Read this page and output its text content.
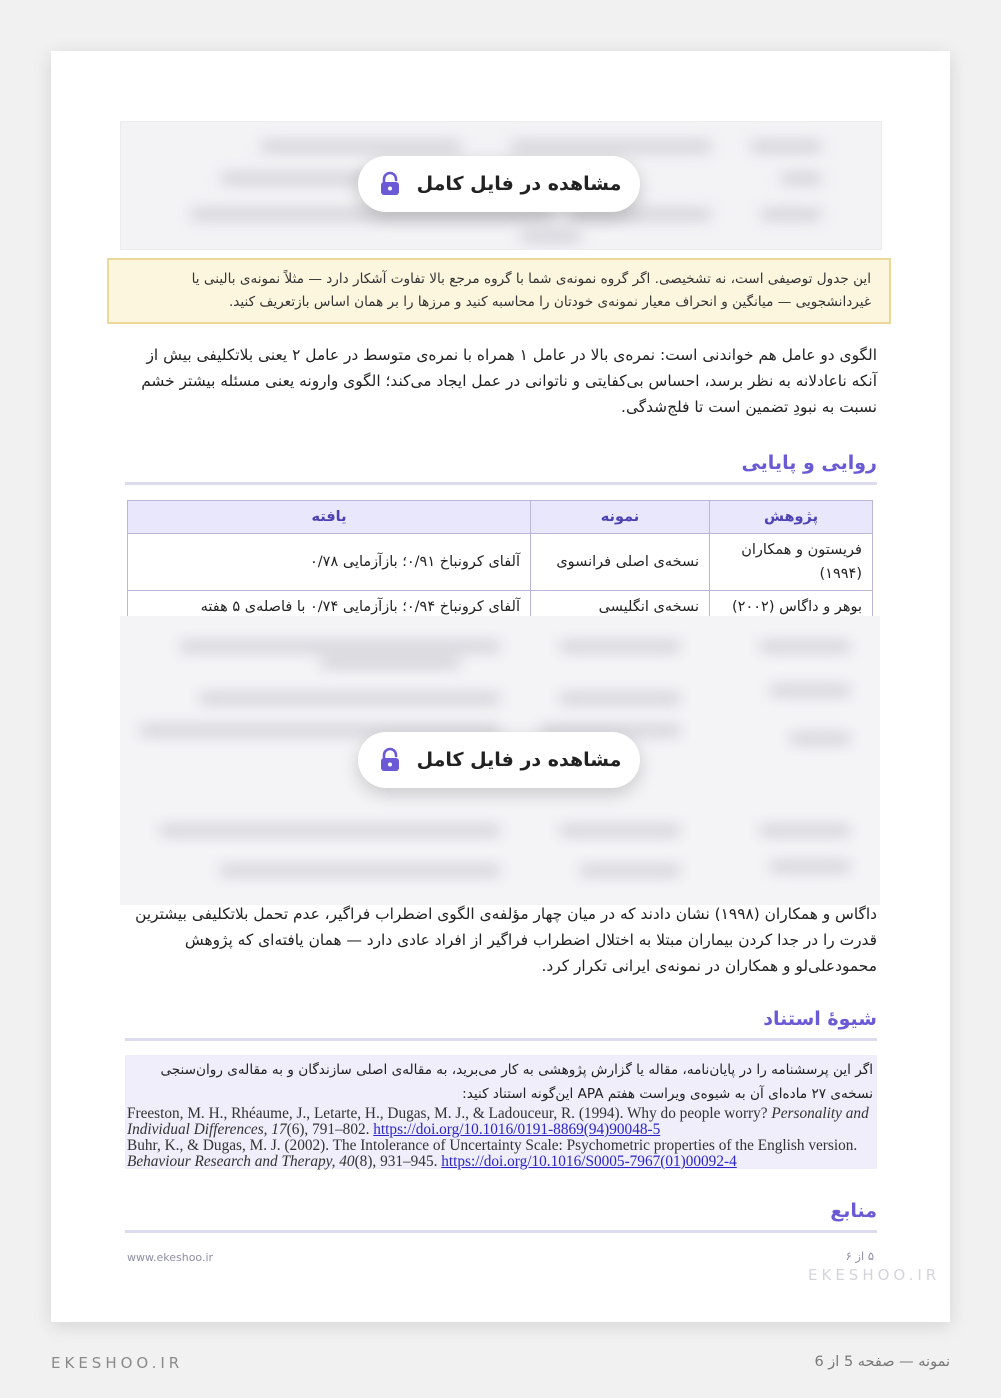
مشاهده در فایل کامل
این جدول توصیفی است، نه تشخیصی. اگر گروه نمونه‌ی شما با گروه مرجع بالا تفاوت آشکار دارد — مثلاً نمونه‌ی بالینی یا غیردانشجویی — میانگین و انحراف معیار نمونه‌ی خودتان را محاسبه کنید و مرزها را بر همان اساس بازتعریف کنید.

الگوی دو عامل هم خواندنی است: نمره‌ی بالا در عامل ۱ همراه با نمره‌ی متوسط در عامل ۲ یعنی بلاتکلیفی بیش از آنکه ناعادلانه به نظر برسد، احساس بی‌کفایتی و ناتوانی در عمل ایجاد می‌کند؛ الگوی وارونه یعنی مسئله بیشتر خشم نسبت به نبودِ تضمین است تا فلج‌شدگی.

روایی و پایایی
پژوهش	نمونه	یافته
فریستون و همکاران (۱۹۹۴)	نسخه‌ی اصلی فرانسوی	آلفای کرونباخ ۰/۹۱؛ بازآزمایی ۰/۷۸
بوهر و داگاس (۲۰۰۲)	نسخه‌ی انگلیسی	آلفای کرونباخ ۰/۹۴؛ بازآزمایی ۰/۷۴ با فاصله‌ی ۵ هفته
مشاهده در فایل کامل

داگاس و همکاران (۱۹۹۸) نشان دادند که در میان چهار مؤلفه‌ی الگوی اضطراب فراگیر، عدم تحمل بلاتکلیفی بیشترین قدرت را در جدا کردن بیماران مبتلا به اختلال اضطراب فراگیر از افراد عادی دارد — همان یافته‌ای که پژوهش محمودعلی‌لو و همکاران در نمونه‌ی ایرانی تکرار کرد.

شیوهٔ استناد
اگر این پرسشنامه را در پایان‌نامه، مقاله یا گزارش پژوهشی به کار می‌برید، به مقاله‌ی اصلی سازندگان و به مقاله‌ی روان‌سنجی نسخه‌ی ۲۷ ماده‌ای آن به شیوه‌ی ویراست هفتم APA این‌گونه استناد کنید:
Freeston, M. H., Rhéaume, J., Letarte, H., Dugas, M. J., & Ladouceur, R. (1994). Why do people worry? Personality and Individual Differences, 17(6), 791–802. https://doi.org/10.1016/0191-8869(94)90048-5
Buhr, K., & Dugas, M. J. (2002). The Intolerance of Uncertainty Scale: Psychometric properties of the English version. Behaviour Research and Therapy, 40(8), 931–945. https://doi.org/10.1016/S0005-7967(01)00092-4
منابع
www.ekeshoo.ir	۵ از ۶
EKESHOO.IR
EKESHOO.IR	نمونه — صفحه 5 از 6
